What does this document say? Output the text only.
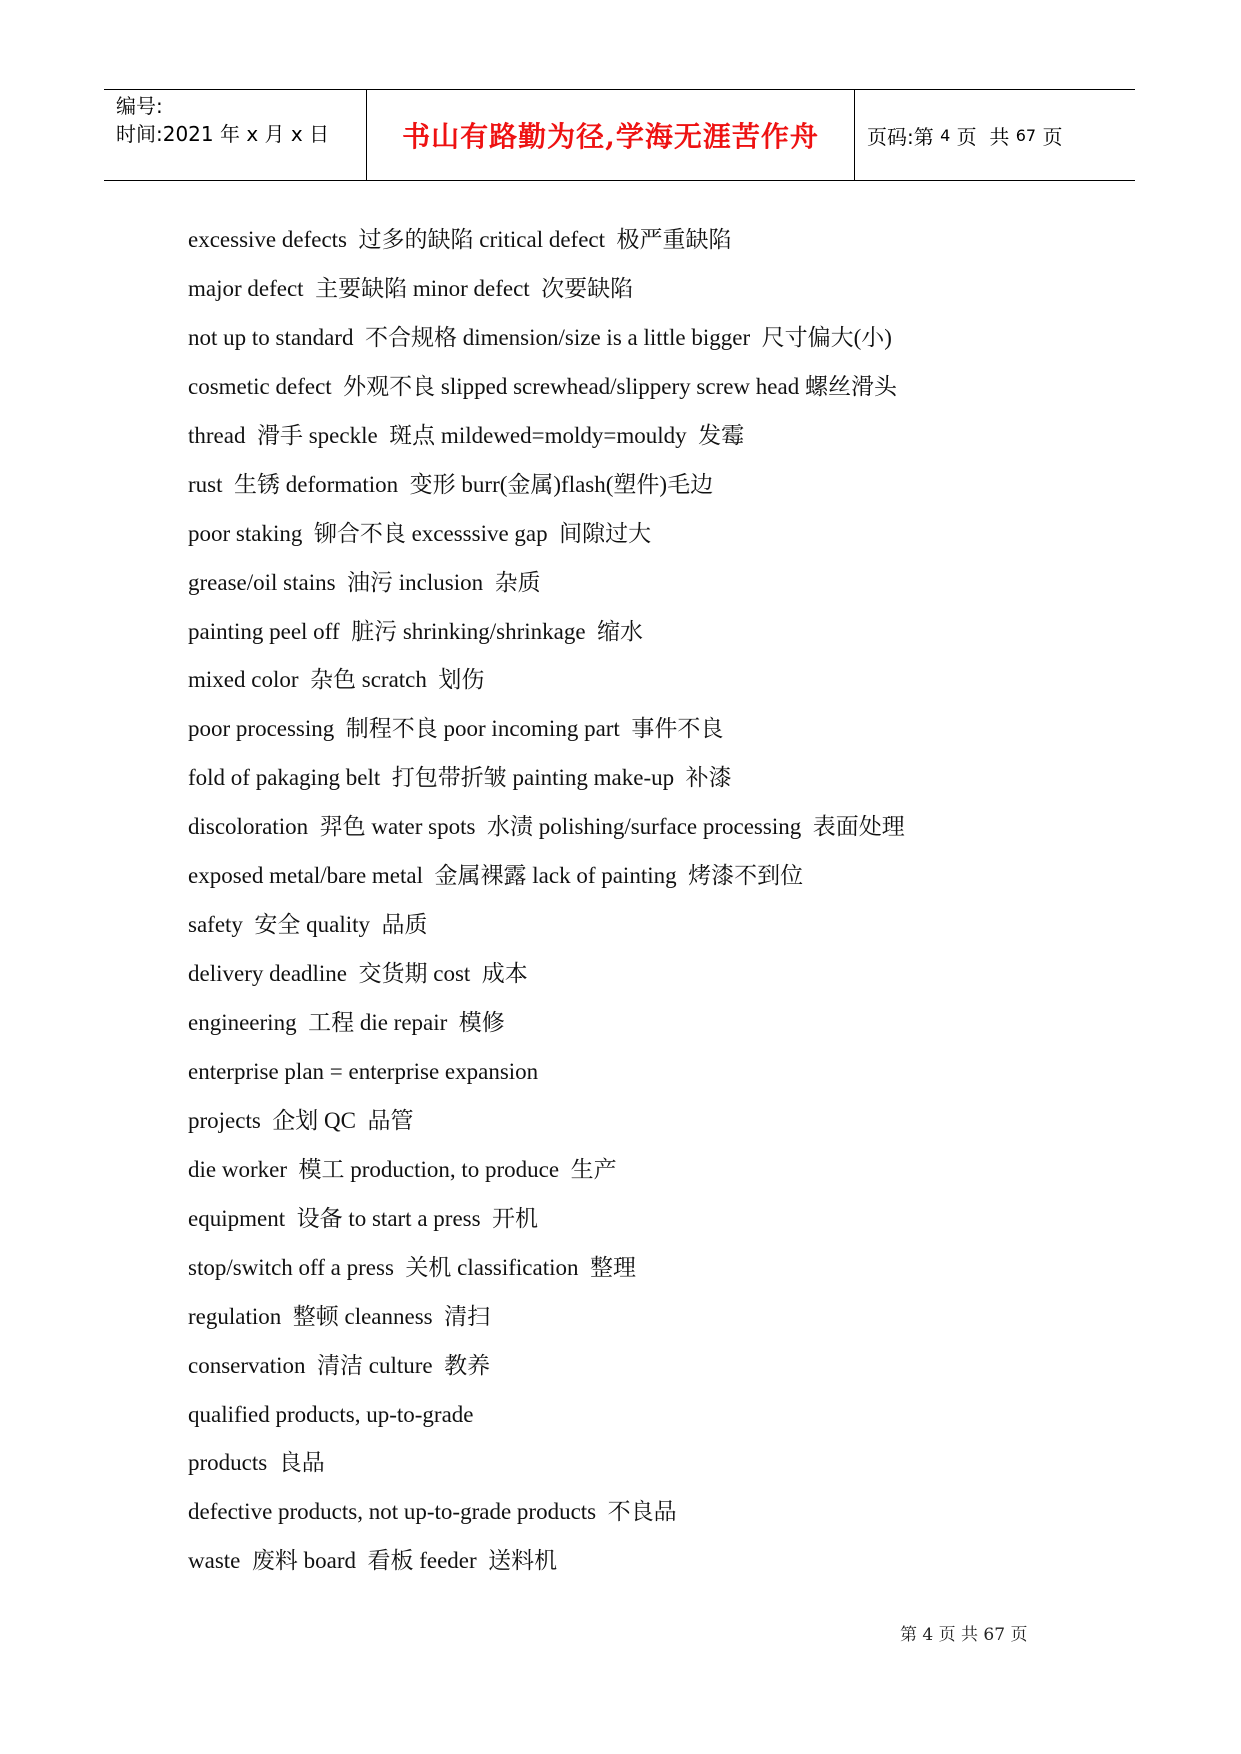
编号:
时间:2021 年 x 月 x 日	书山有路勤为径,学海无涯苦作舟	页码:第 4 页  共 67 页
excessive defects  过多的缺陷 critical defect  极严重缺陷
major defect  主要缺陷 minor defect  次要缺陷
not up to standard  不合规格 dimension/size is a little bigger  尺寸偏大(小)
cosmetic defect  外观不良 slipped screwhead/slippery screw head 螺丝滑头
thread  滑手 speckle  斑点 mildewed=moldy=mouldy  发霉
rust  生锈 deformation  变形 burr(金属)flash(塑件)毛边
poor staking  铆合不良 excesssive gap  间隙过大
grease/oil stains  油污 inclusion  杂质
painting peel off  脏污 shrinking/shrinkage  缩水
mixed color  杂色 scratch  划伤
poor processing  制程不良 poor incoming part  事件不良
fold of pakaging belt  打包带折皱 painting make-up  补漆
discoloration  羿色 water spots  水渍 polishing/surface processing  表面处理
exposed metal/bare metal  金属裸露 lack of painting  烤漆不到位
safety  安全 quality  品质
delivery deadline  交货期 cost  成本
engineering  工程 die repair  模修
enterprise plan = enterprise expansion
projects  企划 QC  品管
die worker  模工 production, to produce  生产
equipment  设备 to start a press  开机
stop/switch off a press  关机 classification  整理
regulation  整顿 cleanness  清扫
conservation  清洁 culture  教养
qualified products, up-to-grade
products  良品
defective products, not up-to-grade products  不良品
waste  废料 board  看板 feeder  送料机
第 4 页 共 67 页
